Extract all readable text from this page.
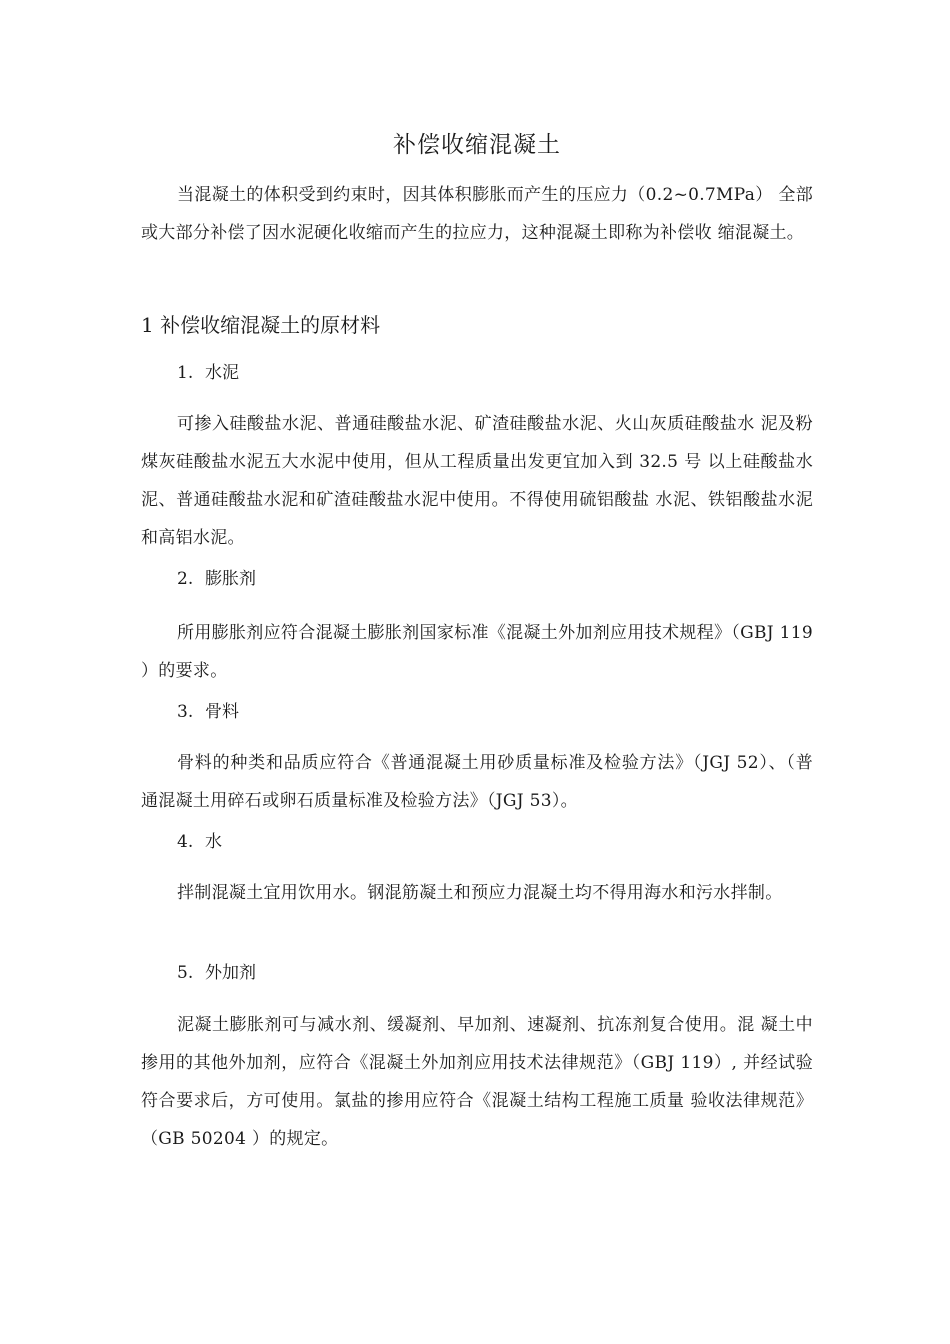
补偿收缩混凝土
当混凝土的体积受到约束时，因其体积膨胀而产生的压应力（0.2~0.7MPa） 全部或大部分补偿了因水泥硬化收缩而产生的拉应力，这种混凝土即称为补偿收 缩混凝土。
1 补偿收缩混凝土的原材料
1. 水泥
可掺入硅酸盐水泥、普通硅酸盐水泥、矿渣硅酸盐水泥、火山灰质硅酸盐水 泥及粉煤灰硅酸盐水泥五大水泥中使用，但从工程质量出发更宜加入到 32.5 号 以上硅酸盐水泥、普通硅酸盐水泥和矿渣硅酸盐水泥中使用。不得使用硫铝酸盐 水泥、铁铝酸盐水泥和高铝水泥。
2. 膨胀剂
所用膨胀剂应符合混凝土膨胀剂国家标准《混凝土外加剂应用技术规程》（GBJ 119 ）的要求。
3. 骨料
骨料的种类和品质应符合《普通混凝土用砂质量标准及检验方法》（JGJ 52）、（普通混凝土用碎石或卵石质量标准及检验方法》（JGJ 53）。
4. 水
拌制混凝土宜用饮用水。钢混筋凝土和预应力混凝土均不得用海水和污水拌制。
5. 外加剂
泥凝土膨胀剂可与减水剂、缓凝剂、早加剂、速凝剂、抗冻剂复合使用。混 凝土中掺用的其他外加剂，应符合《混凝土外加剂应用技术法律规范》（GBJ 119）, 并经试验符合要求后，方可使用。氯盐的掺用应符合《混凝土结构工程施工质量 验收法律规范》（GB 50204 ）的规定。
